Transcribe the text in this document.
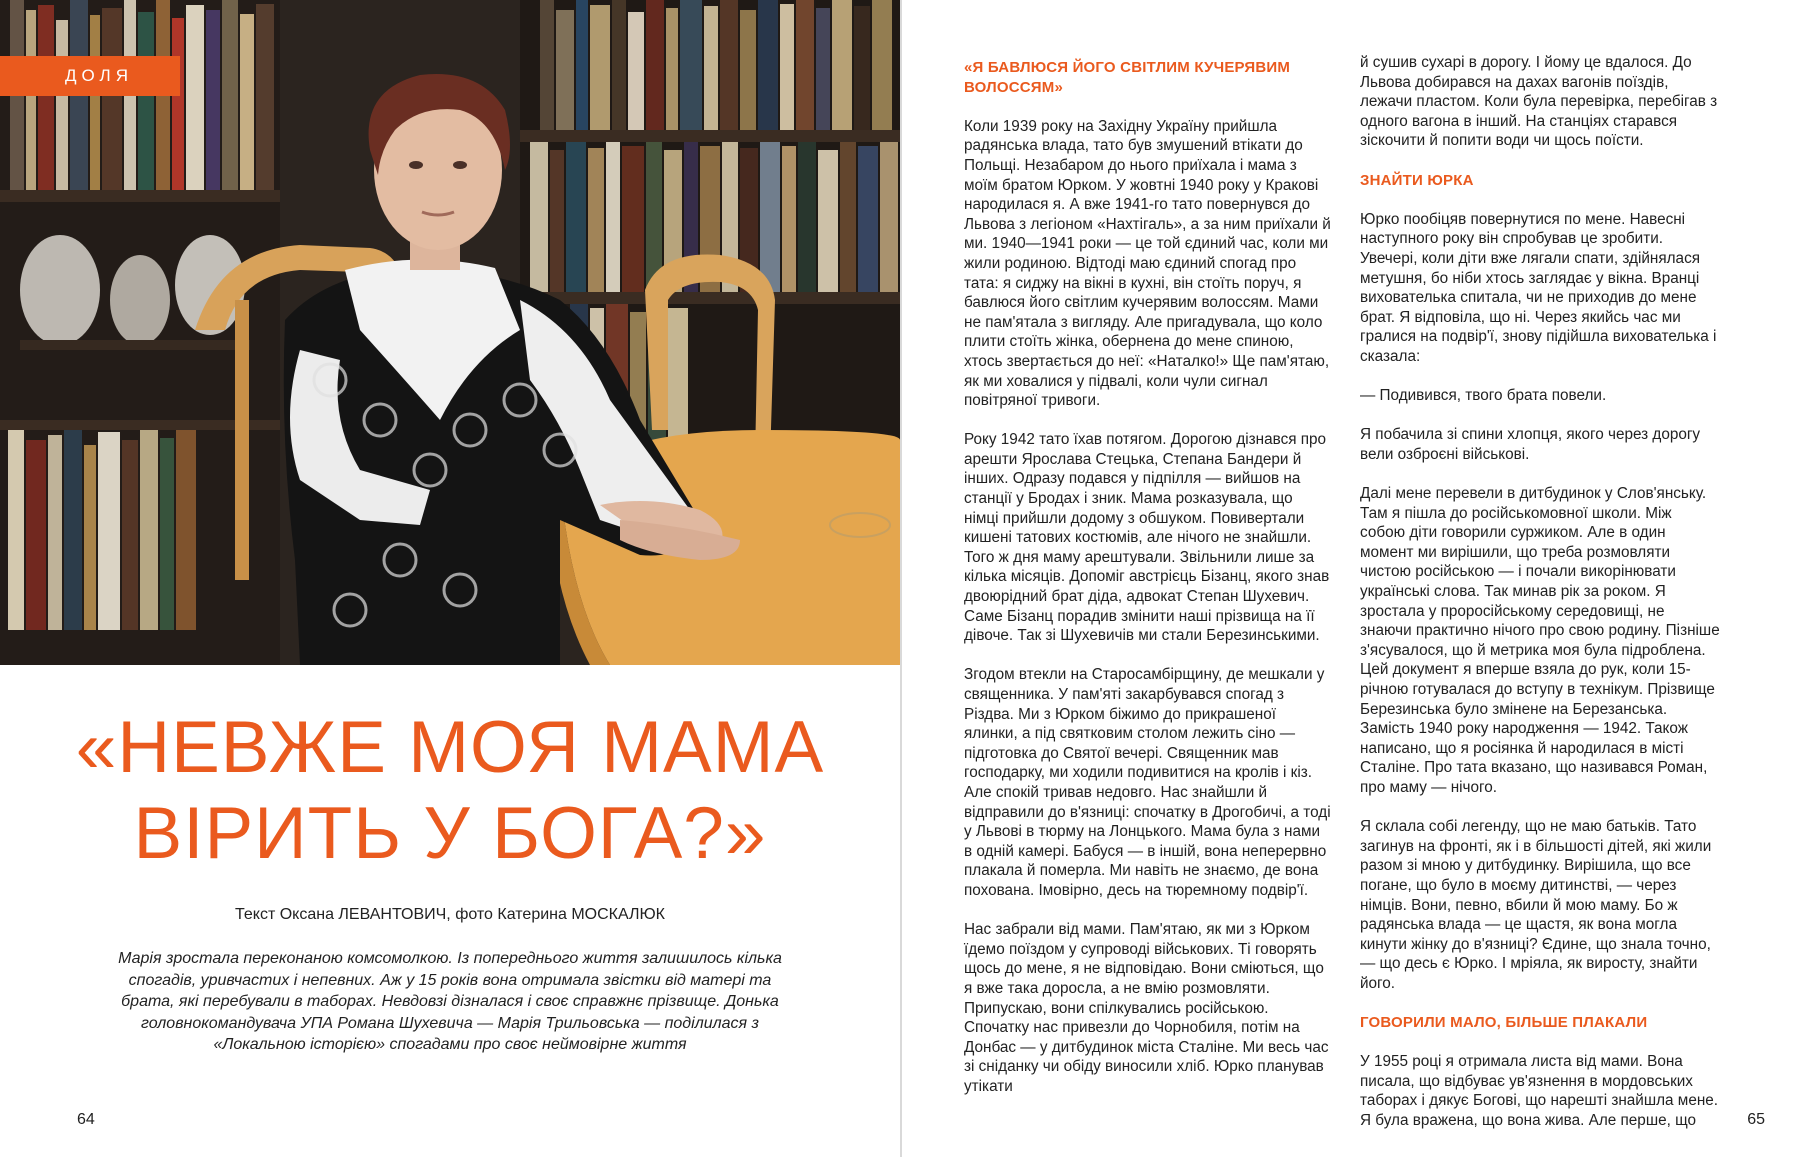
ДОЛЯ
«НЕВЖЕ МОЯ МАМА
ВІРИТЬ У БОГА?»
Текст Оксана ЛЕВАНТОВИЧ, фото Катерина МОСКАЛЮК
Марія зростала переконаною комсомолкою. Із попереднього життя залишилось кілька спогадів, уривчастих і непевних. Аж у 15 років вона отримала звістки від матері та брата, які перебували в таборах. Невдовзі дізналася і своє справжнє прізвище. Донька головнокомандувача УПА Романа Шухевича — Марія Трильовська — поділилася з «Локальною історією» спогадами про своє неймовірне життя
64

«Я БАВЛЮСЯ ЙОГО СВІТЛИМ КУЧЕРЯВИМ ВОЛОССЯМ»

Коли 1939 року на Західну Україну прийшла радянська влада, тато був змушений втікати до Польщі. Незабаром до нього приїхала і мама з моїм братом Юрком. У жовтні 1940 року у Кракові народилася я. А вже 1941-го тато повернувся до Львова з легіоном «Нахтігаль», а за ним приїхали й ми. 1940—1941 роки — це той єдиний час, коли ми жили родиною. Відтоді маю єдиний спогад про тата: я сиджу на вікні в кухні, він стоїть поруч, я бавлюся його світлим кучерявим волоссям. Мами не пам'ятала з вигляду. Але пригадувала, що коло плити стоїть жінка, обернена до мене спиною, хтось звертається до неї: «Наталко!» Ще пам'ятаю, як ми ховалися у підвалі, коли чули сигнал повітряної тривоги.

Року 1942 тато їхав потягом. Дорогою дізнався про арешти Ярослава Стецька, Степана Бандери й інших. Одразу подався у підпілля — вийшов на станції у Бродах і зник. Мама розказувала, що німці прийшли додому з обшуком. Повивертали кишені татових костюмів, але нічого не знайшли. Того ж дня маму арештували. Звільнили лише за кілька місяців. Допоміг австрієць Бізанц, якого знав двоюрідний брат діда, адвокат Степан Шухевич. Саме Бізанц порадив змінити наші прізвища на її дівоче. Так зі Шухевичів ми стали Березинськими.

Згодом втекли на Старосамбірщину, де мешкали у священника. У пам'яті закарбувався спогад з Різдва. Ми з Юрком біжимо до прикрашеної ялинки, а під святковим столом лежить сіно — підготовка до Святої вечері. Священник мав господарку, ми ходили подивитися на кролів і кіз. Але спокій тривав недовго. Нас знайшли й відправили до в'язниці: спочатку в Дрогобичі, а тоді у Львові в тюрму на Лонцького. Мама була з нами в одній камері. Бабуся — в іншій, вона неперервно плакала й померла. Ми навіть не знаємо, де вона похована. Імовірно, десь на тюремному подвір'ї.

Нас забрали від мами. Пам'ятаю, як ми з Юрком їдемо поїздом у супроводі військових. Ті говорять щось до мене, я не відповідаю. Вони сміються, що я вже така доросла, а не вмію розмовляти. Припускаю, вони спілкувались російською. Спочатку нас привезли до Чорнобиля, потім на Донбас — у дитбудинок міста Сталіне. Ми весь час зі сніданку чи обіду виносили хліб. Юрко планував утікати

й сушив сухарі в дорогу. І йому це вдалося. До Львова добирався на дахах вагонів поїздів, лежачи пластом. Коли була перевірка, перебігав з одного вагона в інший. На станціях старався зіскочити й попити води чи щось поїсти.

ЗНАЙТИ ЮРКА

Юрко пообіцяв повернутися по мене. Навесні наступного року він спробував це зробити. Увечері, коли діти вже лягали спати, здійнялася метушня, бо ніби хтось заглядає у вікна. Вранці вихователька спитала, чи не приходив до мене брат. Я відповіла, що ні. Через якийсь час ми гралися на подвір'ї, знову підійшла вихователька і сказала:

— Подивився, твого брата повели.

Я побачила зі спини хлопця, якого через дорогу вели озброєні військові.

Далі мене перевели в дитбудинок у Слов'янську. Там я пішла до російськомовної школи. Між собою діти говорили суржиком. Але в один момент ми вирішили, що треба розмовляти чистою російською — і почали викорінювати українські слова. Так минав рік за роком. Я зростала у проросійському середовищі, не знаючи практично нічого про свою родину. Пізніше з'ясувалося, що й метрика моя була підроблена. Цей документ я вперше взяла до рук, коли 15-річною готувалася до вступу в технікум. Прізвище Березинська було змінене на Березанська. Замість 1940 року народження — 1942. Також написано, що я росіянка й народилася в місті Сталіне. Про тата вказано, що називався Роман, про маму — нічого.

Я склала собі легенду, що не маю батьків. Тато загинув на фронті, як і в більшості дітей, які жили разом зі мною у дитбудинку. Вирішила, що все погане, що було в моєму дитинстві, — через німців. Вони, певно, вбили й мою маму. Бо ж радянська влада — це щастя, як вона могла кинути жінку до в'язниці? Єдине, що знала точно, — що десь є Юрко. І мріяла, як виросту, знайти його.

ГОВОРИЛИ МАЛО, БІЛЬШЕ ПЛАКАЛИ

У 1955 році я отримала листа від мами. Вона писала, що відбуває ув'язнення в мордовських таборах і дякує Богові, що нарешті знайшла мене. Я була вражена, що вона жива. Але перше, що	65
